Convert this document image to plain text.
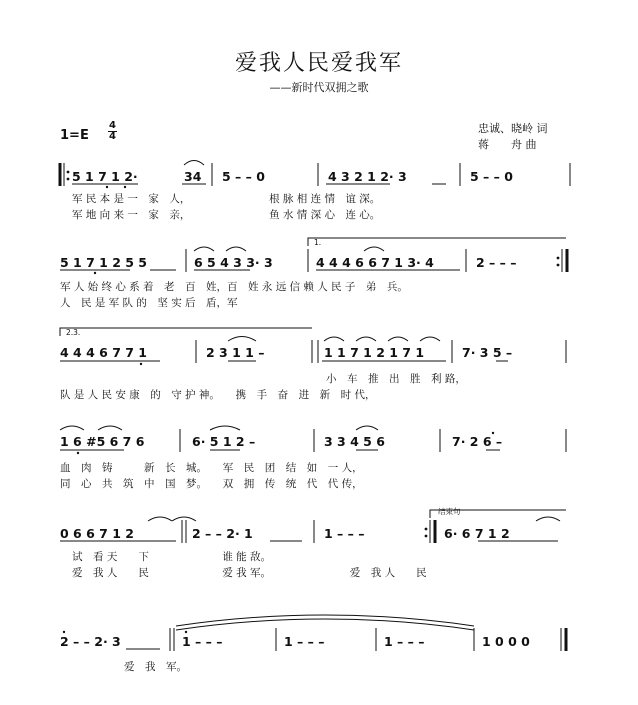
爱我人民爱我军
——新时代双拥之歌
1=E
4
4
忠诚、晓岭 词
蒋　　舟 曲
5 1 7 1 2·	34 5 – – 0	4 3 2 1 2· 3	5 – – 0
军 民 本 是 一　家　人，　　　　　　　　根 脉 相 连 情　谊 深。
军 地 向 来 一　家　亲，　　　　　　　　鱼 水 情 深 心　连 心。
1.
5 1 7 1 2 5 5	6 5 4 3 3· 3	4 4 4 6 6 7 1 3· 4	2 – – –
军 人 始 终 心 系 着　老　百　姓，百　姓 永 远 信 赖 人 民 子　弟　兵。
人　民 是 军 队 的　坚 实 后　盾，军
2.3.
4 4 4 6 7 7 1	2 3 1 1 –	1 1 7 1 2 1 7 1	7· 3 5 –
小　车　推　出　胜　利 路，
队 是 人 民 安 康　的　守 护 神。　　携　手　奋　进　新　时 代，
1 6 #5 6 7 6	6· 5 1 2 –	3 3 4 5 6	7· 2 6 –
血　肉　铸　　　新　长　城。　　军　民　团　结　如　一 人，
同　心　共　筑　中　国　梦。　　双　拥　传　统　代　代 传，
结束句
0 6 6 7 1 2	2 – – 2· 1	1 – – –	6· 6 7 1 2
试　看 天　　下　　　　　　　谁 能 敌。
爱　我 人　　民　　　　　　　爱 我 军。　　　　　　　　爱　我 人　　民
2 – – 2· 3	1 – – –	1 – – –	1 – – –	1 0 0 0
爱　我　军。
